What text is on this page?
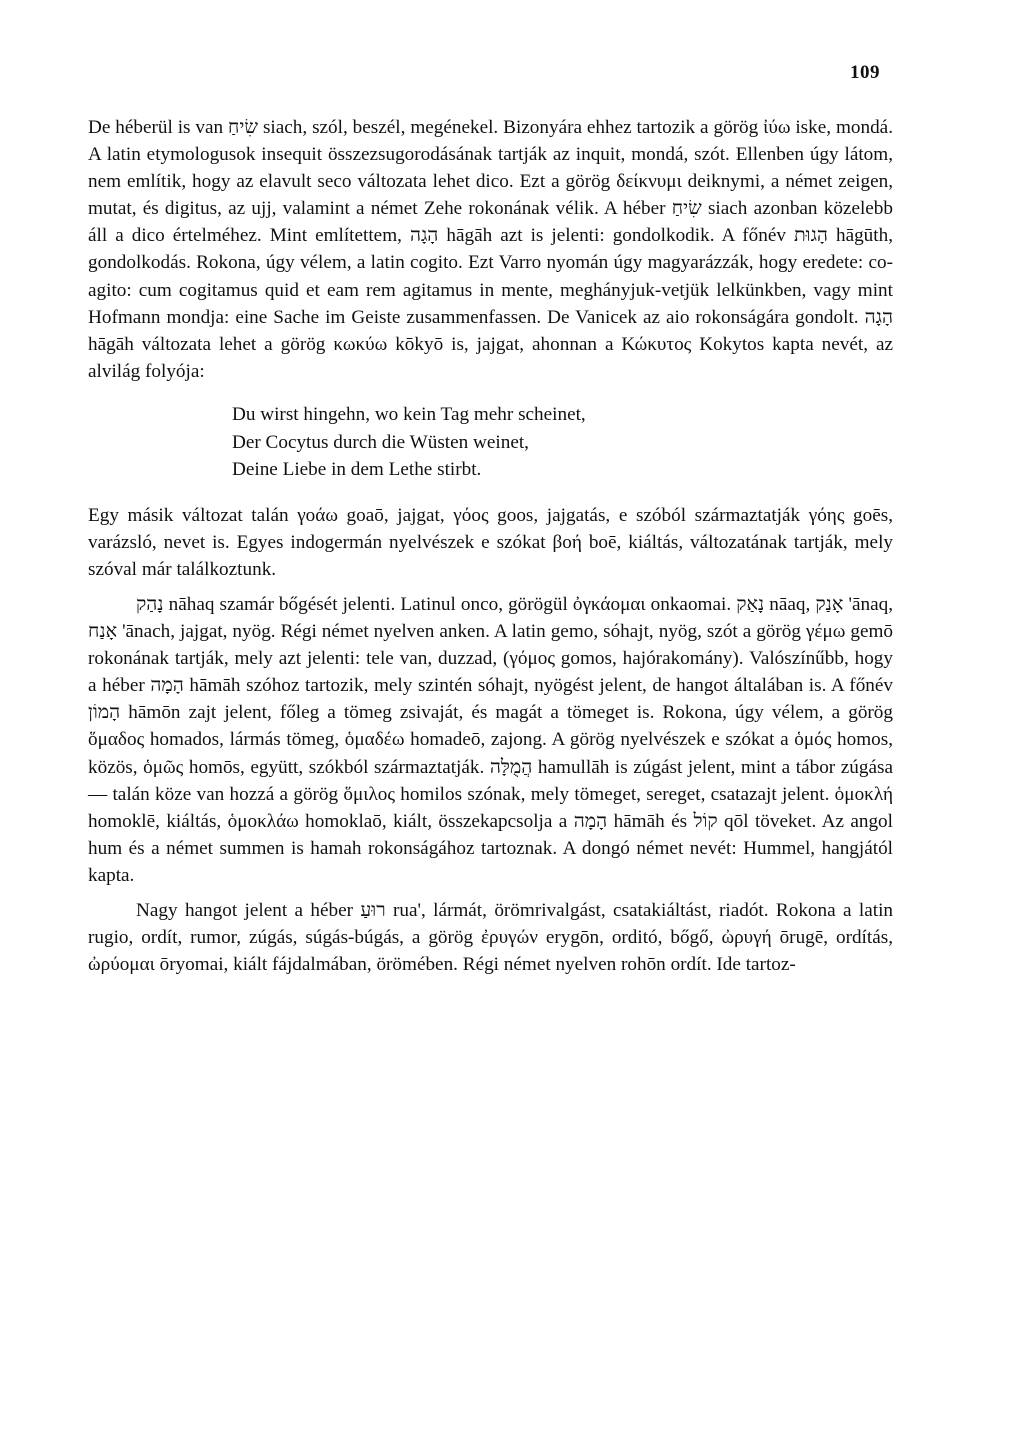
109

De héberül is van שִׂיחַ siach, szól, beszél, megénekel. Bizonyára ehhez tartozik a görög ἰύω iske, mondá. A latin etymologusok insequit összezsugorodásának tartják az inquit, mondá, szót. Ellenben úgy látom, nem említik, hogy az elavult seco változata lehet dico. Ezt a görög δείκνυμι deiknymi, a német zeigen, mutat, és digitus, az ujj, valamint a német Zehe rokonának vélik. A héber שִׂיחַ siach azonban közelebb áll a dico értelméhez. Mint említettem, הָגָה hāgāh azt is jelenti: gondolkodik. A főnév הָגוּת hāgūth, gondolkodás. Rokona, úgy vélem, a latin cogito. Ezt Varro nyomán úgy magyarázzák, hogy eredete: co-agito: cum cogitamus quid et eam rem agitamus in mente, meghányjuk-vetjük lelkünkben, vagy mint Hofmann mondja: eine Sache im Geiste zusammenfassen. De Vanicek az aio rokonságára gondolt. הָגָה hāgāh változata lehet a görög κωκύω kōkyō is, jajgat, ahonnan a Κώκυτος Kokytos kapta nevét, az alvilág folyója:

Du wirst hingehn, wo kein Tag mehr scheinet,
Der Cocytus durch die Wüsten weinet,
Deine Liebe in dem Lethe stirbt.

Egy másik változat talán γοάω goaō, jajgat, γόος goos, jajgatás, e szóból származtatják γόης goēs, varázsló, nevet is. Egyes indogermán nyelvészek e szókat βοή boē, kiáltás, változatának tartják, mely szóval már találkoztunk.

נָהַק nāhaq szamár bőgését jelenti. Latinul onco, görögül ὀγκάομαι onkaomai. נָאַק nāaq, אָנַק 'ānaq, אָנַח 'ānach, jajgat, nyög. Régi német nyelven anken. A latin gemo, sóhajt, nyög, szót a görög γέμω gemō rokonának tartják, mely azt jelenti: tele van, duzzad, (γόμος gomos, hajórakomány). Valószínűbb, hogy a héber הָמָה hāmāh szóhoz tartozik, mely szintén sóhajt, nyögést jelent, de hangot általában is. A főnév הָמוֹן hāmōn zajt jelent, főleg a tömeg zsivaját, és magát a tömeget is. Rokona, úgy vélem, a görög ὅμαδος homados, lármás tömeg, ὁμαδέω homadeō, zajong. A görög nyelvészek e szókat a ὁμός homos, közös, ὁμῶς homōs, együtt, szókból származtatják. הֲמֻלָּה hamullāh is zúgást jelent, mint a tábor zúgása — talán köze van hozzá a görög ὅμιλος homilos szónak, mely tömeget, sereget, csatazajt jelent. ὁμοκλή homoklē, kiáltás, ὁμοκλάω homoklaō, kiált, összekapcsolja a הָמָה hāmāh és קוֹל qōl töveket. Az angol hum és a német summen is hamah rokonságához tartoznak. A dongó német nevét: Hummel, hangjától kapta.

Nagy hangot jelent a héber רוּעַ rua', lármát, örömrivalgást, csatakiáltást, riadót. Rokona a latin rugio, ordít, rumor, zúgás, súgás-búgás, a görög ἐρυγών erygōn, orditó, bőgő, ὠρυγή ōrugē, ordítás, ὠρύομαι ōryomai, kiált fájdalmában, örömében. Régi német nyelven rohōn ordít. Ide tartoz-
